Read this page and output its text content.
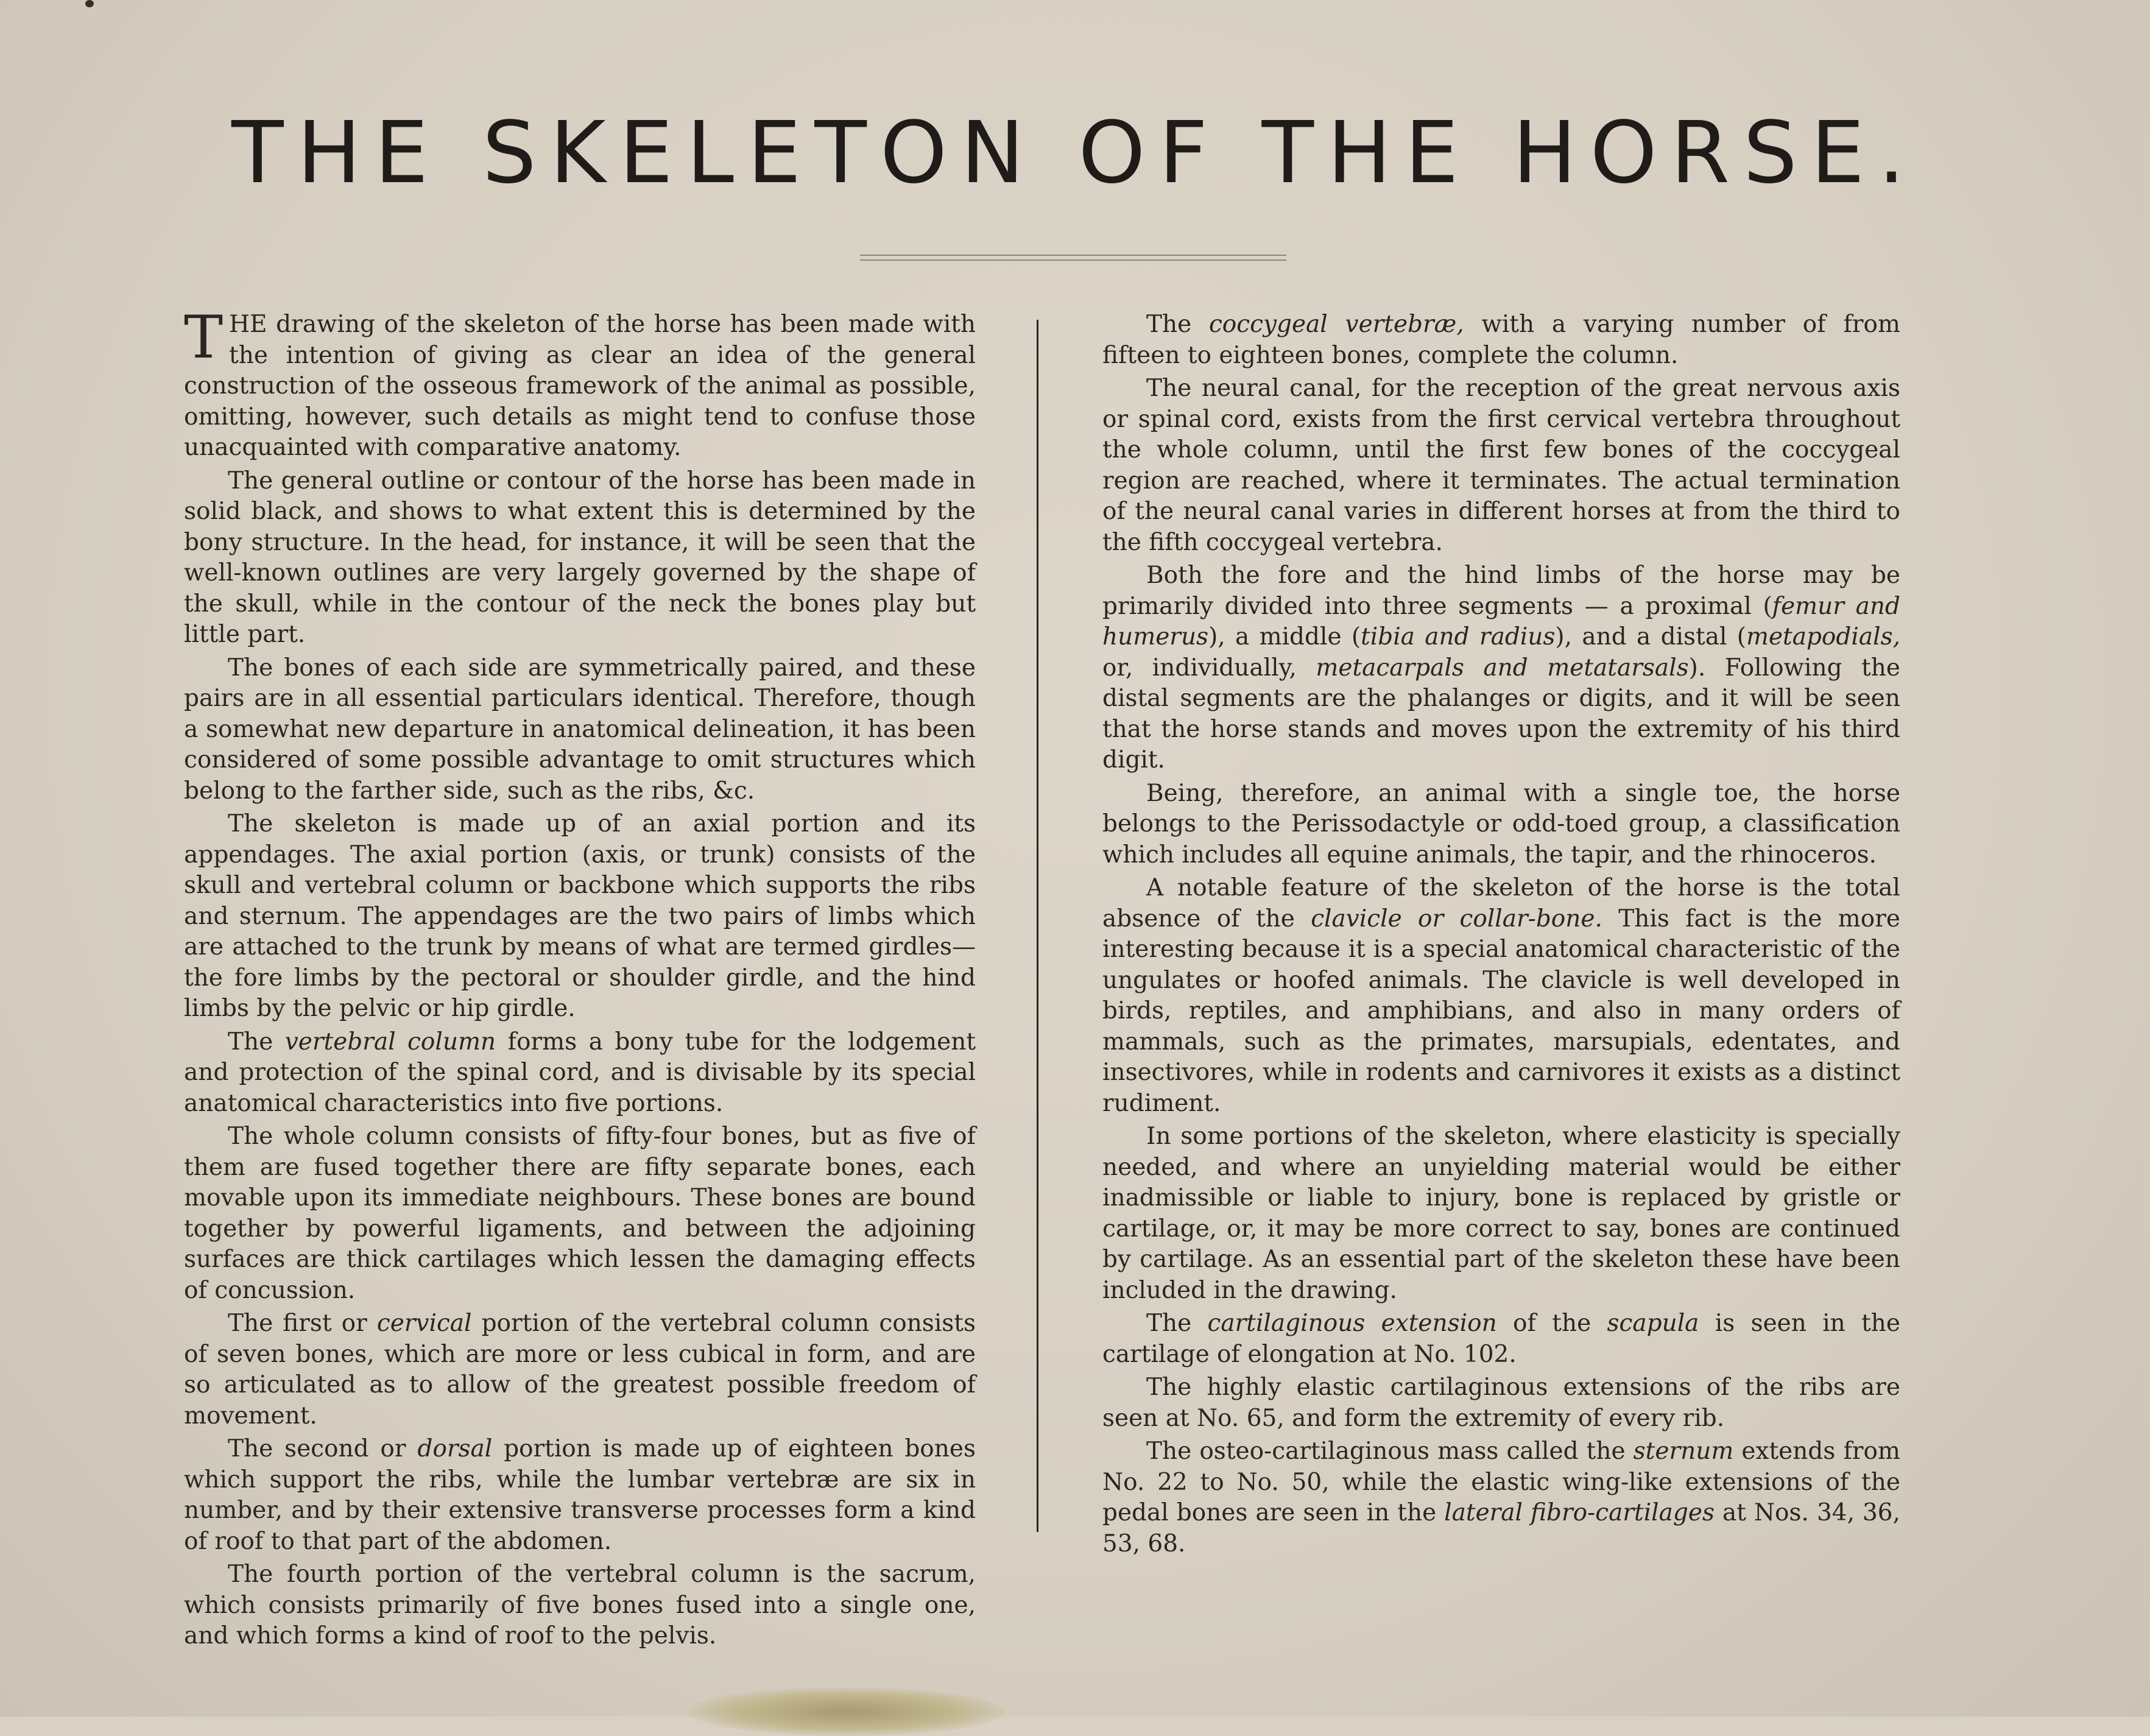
THE SKELETON OF THE HORSE.

THE drawing of the skeleton of the horse has been made with the intention of giving as clear an idea of the general construction of the osseous framework of the animal as possible, omitting, however, such details as might tend to confuse those unacquainted with comparative anatomy.

The general outline or contour of the horse has been made in solid black, and shows to what extent this is determined by the bony structure. In the head, for instance, it will be seen that the well-known outlines are very largely governed by the shape of the skull, while in the contour of the neck the bones play but little part.

The bones of each side are symmetrically paired, and these pairs are in all essential particulars identical. Therefore, though a somewhat new departure in anatomical delineation, it has been considered of some possible advantage to omit structures which belong to the farther side, such as the ribs, &c.

The skeleton is made up of an axial portion and its appendages. The axial portion (axis, or trunk) consists of the skull and vertebral column or backbone which supports the ribs and sternum. The appendages are the two pairs of limbs which are attached to the trunk by means of what are termed girdles—the fore limbs by the pectoral or shoulder girdle, and the hind limbs by the pelvic or hip girdle.

The vertebral column forms a bony tube for the lodgement and protection of the spinal cord, and is divisable by its special anatomical characteristics into five portions.

The whole column consists of fifty-four bones, but as five of them are fused together there are fifty separate bones, each movable upon its immediate neighbours. These bones are bound together by powerful ligaments, and between the adjoining surfaces are thick cartilages which lessen the damaging effects of concussion.

The first or cervical portion of the vertebral column consists of seven bones, which are more or less cubical in form, and are so articulated as to allow of the greatest possible freedom of movement.

The second or dorsal portion is made up of eighteen bones which support the ribs, while the lumbar vertebræ are six in number, and by their extensive transverse processes form a kind of roof to that part of the abdomen.

The fourth portion of the vertebral column is the sacrum, which consists primarily of five bones fused into a single one, and which forms a kind of roof to the pelvis.

The coccygeal vertebræ, with a varying number of from fifteen to eighteen bones, complete the column.

The neural canal, for the reception of the great nervous axis or spinal cord, exists from the first cervical vertebra throughout the whole column, until the first few bones of the coccygeal region are reached, where it terminates. The actual termination of the neural canal varies in different horses at from the third to the fifth coccygeal vertebra.

Both the fore and the hind limbs of the horse may be primarily divided into three segments — a proximal (femur and humerus), a middle (tibia and radius), and a distal (metapodials, or, individually, metacarpals and metatarsals). Following the distal segments are the phalanges or digits, and it will be seen that the horse stands and moves upon the extremity of his third digit.

Being, therefore, an animal with a single toe, the horse belongs to the Perissodactyle or odd-toed group, a classification which includes all equine animals, the tapir, and the rhinoceros.

A notable feature of the skeleton of the horse is the total absence of the clavicle or collar-bone. This fact is the more interesting because it is a special anatomical characteristic of the ungulates or hoofed animals. The clavicle is well developed in birds, reptiles, and amphibians, and also in many orders of mammals, such as the primates, marsupials, edentates, and insectivores, while in rodents and carnivores it exists as a distinct rudiment.

In some portions of the skeleton, where elasticity is specially needed, and where an unyielding material would be either inadmissible or liable to injury, bone is replaced by gristle or cartilage, or, it may be more correct to say, bones are continued by cartilage. As an essential part of the skeleton these have been included in the drawing.

The cartilaginous extension of the scapula is seen in the cartilage of elongation at No. 102.

The highly elastic cartilaginous extensions of the ribs are seen at No. 65, and form the extremity of every rib.

The osteo-cartilaginous mass called the sternum extends from No. 22 to No. 50, while the elastic wing-like extensions of the pedal bones are seen in the lateral fibro-cartilages at Nos. 34, 36, 53, 68.
